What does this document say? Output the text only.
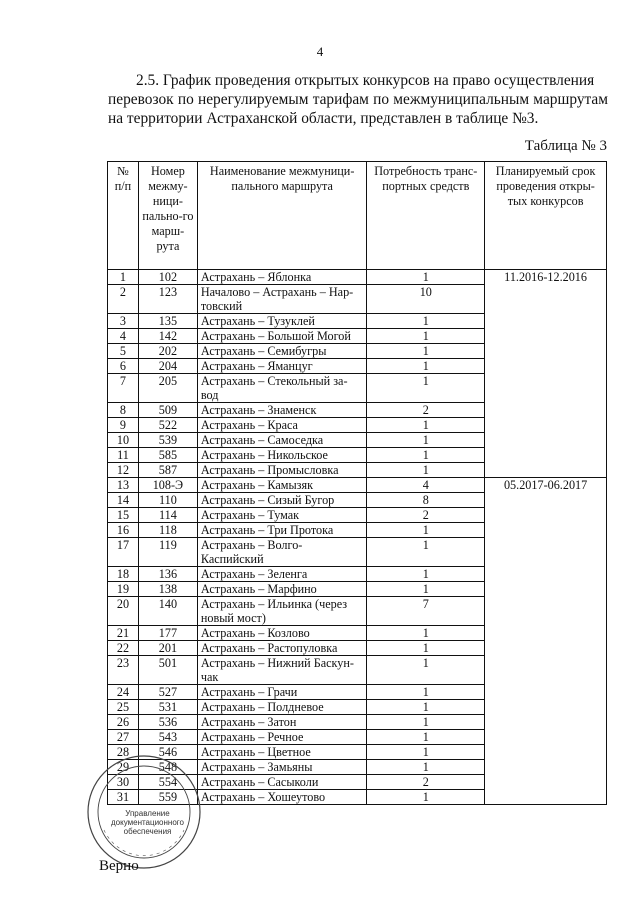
4
2.5. График проведения открытых конкурсов на право осуществления
перевозок по нерегулируемым тарифам по межмуниципальным маршрутам на территории Астраханской области, представлен в таблице №3.
Таблица № 3
№ п/п	Номер межму-ници-пально-го марш-рута	Наименование межмуници-пального маршрута	Потребность транс-портных средств	Планируемый срок проведения откры-тых конкурсов
1	102	Астрахань – Яблонка	1	11.2016-12.2016
2	123	Началово – Астрахань – Нар-товский	10	
3	135	Астрахань – Тузуклей	1	
4	142	Астрахань – Большой Могой	1	
5	202	Астрахань – Семибугры	1	
6	204	Астрахань – Яманцуг	1	
7	205	Астрахань – Стекольный за-вод	1	
8	509	Астрахань – Знаменск	2	
9	522	Астрахань – Краса	1	
10	539	Астрахань – Самоседка	1	
11	585	Астрахань – Никольское	1	
12	587	Астрахань – Промысловка	1	
13	108-Э	Астрахань – Камызяк	4	05.2017-06.2017
14	110	Астрахань – Сизый Бугор	8	
15	114	Астрахань – Тумак	2	
16	118	Астрахань – Три Протока	1	
17	119	Астрахань – Волго-Каспийский	1	
18	136	Астрахань – Зеленга	1	
19	138	Астрахань – Марфино	1	
20	140	Астрахань – Ильинка (через новый мост)	7	
21	177	Астрахань – Козлово	1	
22	201	Астрахань – Растопуловка	1	
23	501	Астрахань – Нижний Баскун-чак	1	
24	527	Астрахань – Грачи	1	
25	531	Астрахань – Полдневое	1	
26	536	Астрахань – Затон	1	
27	543	Астрахань – Речное	1	
28	546	Астрахань – Цветное	1	
29	548	Астрахань – Замьяны	1	
30	554	Астрахань – Сасыколи	2	
31	559	Астрахань – Хошеутово	1	
Управление
документационного
обеспечения
Верно
